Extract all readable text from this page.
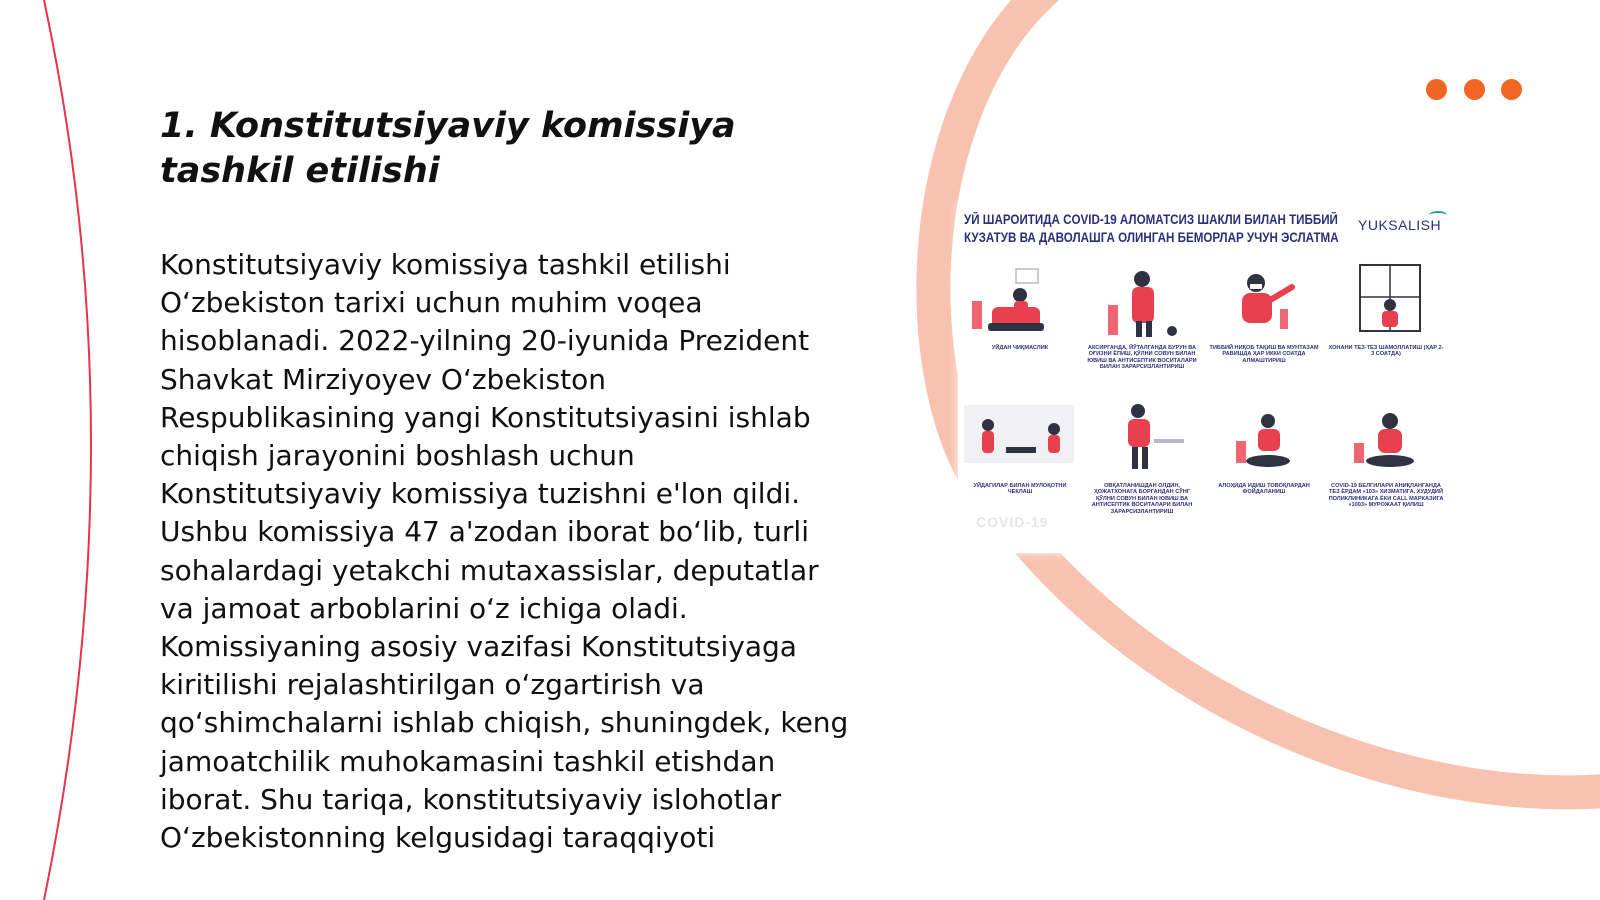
1. Konstitutsiyaviy komissiya tashkil etilishi

Konstitutsiyaviy komissiya tashkil etilishi O‘zbekiston tarixi uchun muhim voqea hisoblanadi. 2022-yilning 20-iyunida Prezident Shavkat Mirziyoyev O‘zbekiston Respublikasining yangi Konstitutsiyasini ishlab chiqish jarayonini boshlash uchun Konstitutsiyaviy komissiya tuzishni e'lon qildi. Ushbu komissiya 47 a'zodan iborat bo‘lib, turli sohalardagi yetakchi mutaxassislar, deputatlar va jamoat arboblarini o‘z ichiga oladi. Komissiyaning asosiy vazifasi Konstitutsiyaga kiritilishi rejalashtirilgan o‘zgartirish va qo‘shimchalarni ishlab chiqish, shuningdek, keng jamoatchilik muhokamasini tashkil etishdan iborat. Shu tariqa, konstitutsiyaviy islohotlar O‘zbekistonning kelgusidagi taraqqiyoti

УЙ ШАРОИТИДА COVID-19 АЛОМАТСИЗ ШАКЛИ БИЛАН ТИББИЙ
КУЗАТУВ ВА ДАВОЛАШГА ОЛИНГАН БЕМОРЛАР УЧУН ЭСЛАТМА
YUKSALISH
УЙДАН ЧИҚМАСЛИК	АКСИРГАНДА, ЙЎТАЛГАНДА БУРУН ВА ОҒИЗНИ ЁПИШ, ҚЎЛНИ СОВУН БИЛАН ЮВИШ ВА АНТИСЕПТИК ВОСИТАЛАРИ БИЛАН ЗАРАРСИЗЛАНТИРИШ
ТИББИЙ НИҚОБ ТАҚИШ ВА МУНТАЗАМ РАВИШДА ҲАР ИККИ СОАТДА АЛМАШТИРИШ
ХОНАНИ ТЕЗ-ТЕЗ ШАМОЛЛАТИШ (ҲАР 2-3 СОАТДА)
УЙДАГИЛАР БИЛАН МУЛОҚОТНИ ЧЕКЛАШ
ОВҚАТЛАНИШДАН ОЛДИН, ҲОЖАТХОНАГА БОРГАНДАН СЎНГ ҚЎЛНИ СОВУН БИЛАН ЮВИШ ВА АНТИСЕПТИК ВОСИТАЛАРИ БИЛАН ЗАРАРСИЗЛАНТИРИШ
АЛОҲИДА ИДИШ ТОВОҚЛАРДАН ФОЙДАЛАНИШ
COVID-19 БЕЛГИЛАРИ АНИҚЛАНГАНДА ТЕЗ ЁРДАМ «103» ХИЗМАТИГА, ХУДУДИЙ ПОЛИКЛИНИКАГА ЁКИ CALL МАРКАЗИГА «1003» МУРОЖААТ ҚИЛИШ
COVID-19
